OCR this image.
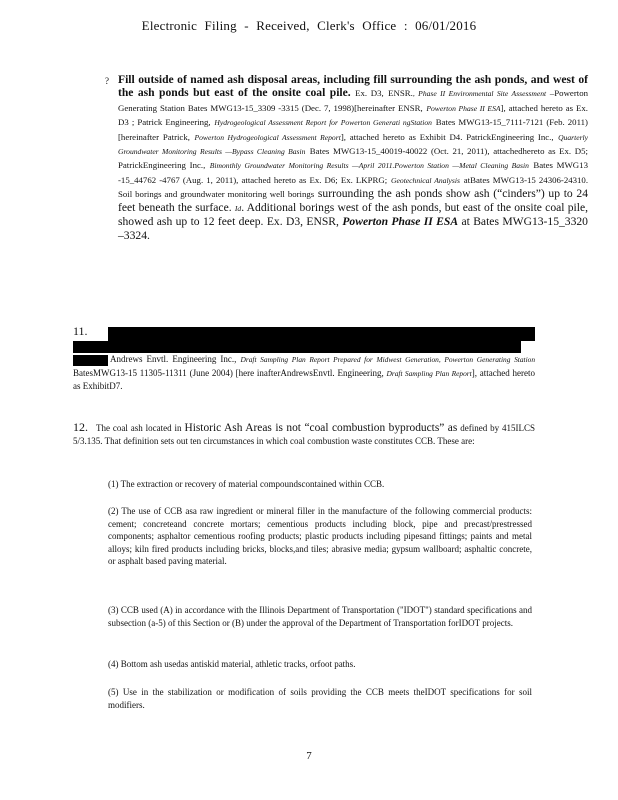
Electronic Filing - Received, Clerk's Office : 06/01/2016
? Fill outside of named ash disposal areas, including fill surrounding the ash ponds, and west of the ash ponds but east of the onsite coal pile. Ex. D3, ENSR., Phase II Environmental Site Assessment –Powerton Generating Station Bates MWG13-15_3309 -3315 (Dec. 7, 1998)[hereinafter ENSR, Powerton Phase II ESA], attached hereto as Ex. D3 ; Patrick Engineering, Hydrogeological Assessment Report for Powerton Generati ngStation Bates MWG13-15_7111-7121 (Feb. 2011) [hereinafter Patrick, Powerton Hydrogeological Assessment Report], attached hereto as Exhibit D4. PatrickEngineering Inc., Quarterly Groundwater Monitoring Results —Bypass Cleaning Basin Bates MWG13-15_40019-40022 (Oct. 21, 2011), attachedhereto as Ex. D5; PatrickEngineering Inc., Bimonthly Groundwater Monitoring Results —April 2011.Powerton Station —Metal Cleaning Basin Bates MWG13 -15_44762 -4767 (Aug. 1, 2011), attached hereto as Ex. D6; Ex. LKPRG; Geotechnical Analysis atBates MWG13-15 24306-24310. Soil borings and groundwater monitoring well borings surrounding the ash ponds show ash (“cinders”) up to 24 feet beneath the surface. Id. Additional borings west of the ash ponds, but east of the onsite coal pile, showed ash up to 12 feet deep. Ex. D3, ENSR, Powerton Phase II ESA at Bates MWG13-15_3320 –3324.
11.
Andrews Envtl. Engineering Inc., Draft Sampling Plan Report Prepared for Midwest Generation, Powerton Generating Station BatesMWG13-15 11305-11311 (June 2004) [here inafterAndrewsEnvtl. Engineering, Draft Sampling Plan Report], attached hereto as ExhibitD7.
12. The coal ash located in Historic Ash Areas is not “coal combustion byproducts” as defined by 415ILCS 5/3.135. That definition sets out ten circumstances in which coal combustion waste constitutes CCB. These are:
(1) The extraction or recovery of material compoundscontained within CCB.
(2) The use of CCB asa raw ingredient or mineral filler in the manufacture of the following commercial products: cement; concreteand concrete mortars; cementious products including block, pipe and precast/prestressed components; asphaltor cementious roofing products; plastic products including pipesand fittings; paints and metal alloys; kiln fired products including bricks, blocks,and tiles; abrasive media; gypsum wallboard; asphaltic concrete, or asphalt based paving material.
(3) CCB used (A) in accordance with the Illinois Department of Transportation ("IDOT") standard specifications and subsection (a-5) of this Section or (B) under the approval of the Department of Transportation forIDOT projects.
(4) Bottom ash usedas antiskid material, athletic tracks, orfoot paths.
(5) Use in the stabilization or modification of soils providing the CCB meets theIDOT specifications for soil modifiers.
7
